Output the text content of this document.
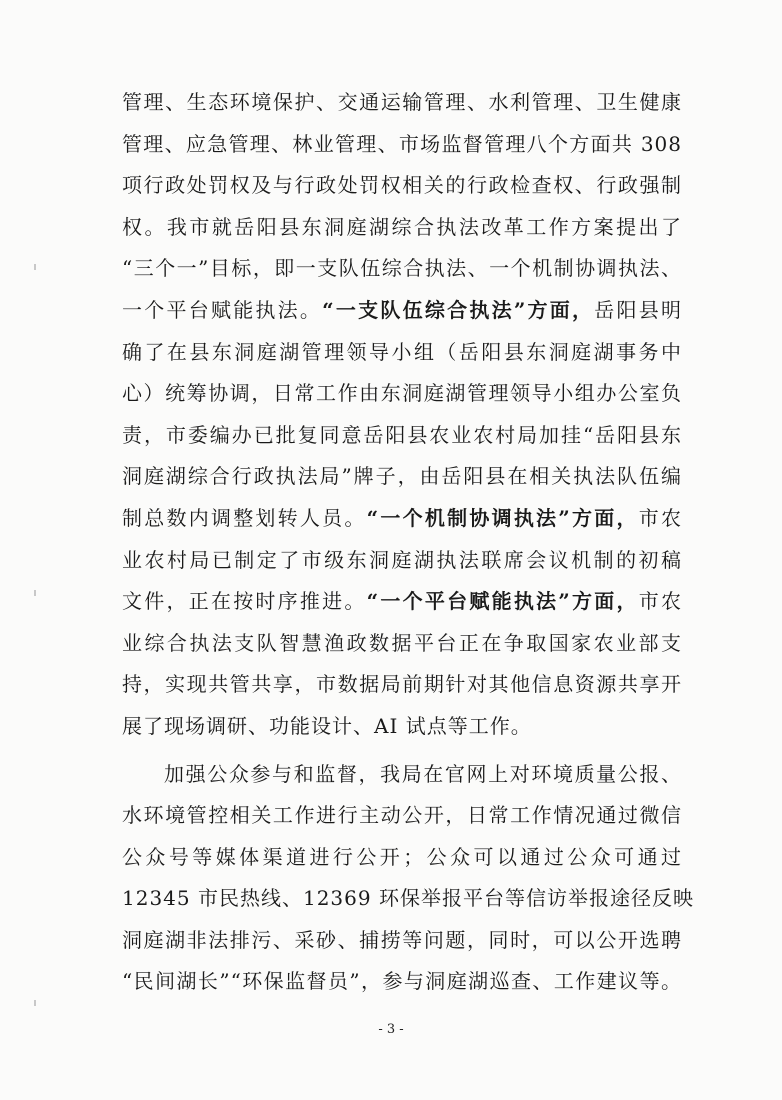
管理、生态环境保护、交通运输管理、水利管理、卫生健康
管理、应急管理、林业管理、市场监督管理八个方面共 308
项行政处罚权及与行政处罚权相关的行政检查权、行政强制
权。我市就岳阳县东洞庭湖综合执法改革工作方案提出了
“三个一”目标，即一支队伍综合执法、一个机制协调执法、
一个平台赋能执法。“一支队伍综合执法”方面，岳阳县明
确了在县东洞庭湖管理领导小组（岳阳县东洞庭湖事务中
心）统筹协调，日常工作由东洞庭湖管理领导小组办公室负
责，市委编办已批复同意岳阳县农业农村局加挂“岳阳县东
洞庭湖综合行政执法局”牌子，由岳阳县在相关执法队伍编
制总数内调整划转人员。“一个机制协调执法”方面，市农
业农村局已制定了市级东洞庭湖执法联席会议机制的初稿
文件，正在按时序推进。“一个平台赋能执法”方面，市农
业综合执法支队智慧渔政数据平台正在争取国家农业部支
持，实现共管共享，市数据局前期针对其他信息资源共享开
展了现场调研、功能设计、AI 试点等工作。
加强公众参与和监督，我局在官网上对环境质量公报、
水环境管控相关工作进行主动公开，日常工作情况通过微信
公众号等媒体渠道进行公开；公众可以通过公众可通过
12345 市民热线、12369 环保举报平台等信访举报途径反映
洞庭湖非法排污、采砂、捕捞等问题，同时，可以公开选聘
“民间湖长”“环保监督员”，参与洞庭湖巡查、工作建议等。
- 3 -
